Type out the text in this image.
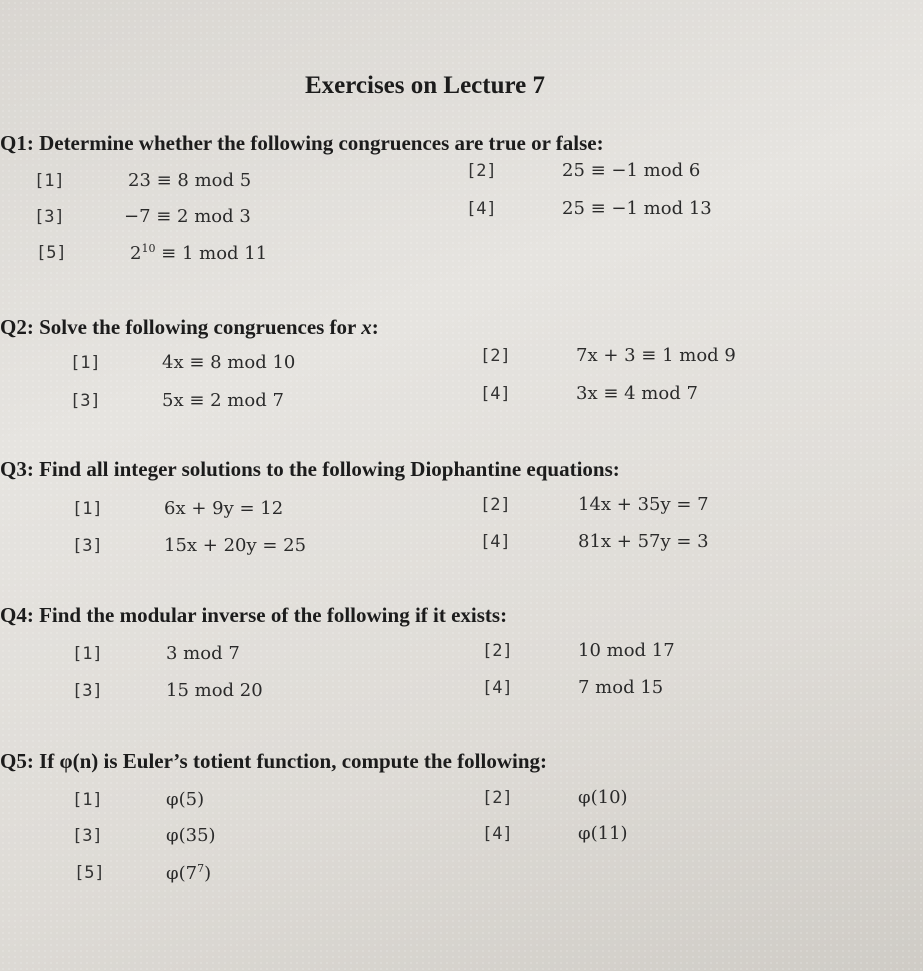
Exercises on Lecture 7
Q1: Determine whether the following congruences are true or false:
[1]	23 ≡ 8 mod 5	[2]	25 ≡ −1 mod 6
[3]	−7 ≡ 2 mod 3	[4]	25 ≡ −1 mod 13
[5]	$2^{10} \equiv 1$ mod 11
Q2: Solve the following congruences for x:
[1]	4x ≡ 8 mod 10	[2]	7x + 3 ≡ 1 mod 9
[3]	5x ≡ 2 mod 7	[4]	3x ≡ 4 mod 7
Q3: Find all integer solutions to the following Diophantine equations:
[1]	6x + 9y = 12	[2]	14x + 35y = 7
[3]	15x + 20y = 25	[4]	81x + 57y = 3
Q4: Find the modular inverse of the following if it exists:
[1]	3 mod 7	[2]	10 mod 17
[3]	15 mod 20	[4]	7 mod 15
Q5: If φ(n) is Euler’s totient function, compute the following:
[1]	φ(5)	[2]	φ(10)
[3]	φ(35)	[4]	φ(11)
[5]	$\varphi(7^7)$
